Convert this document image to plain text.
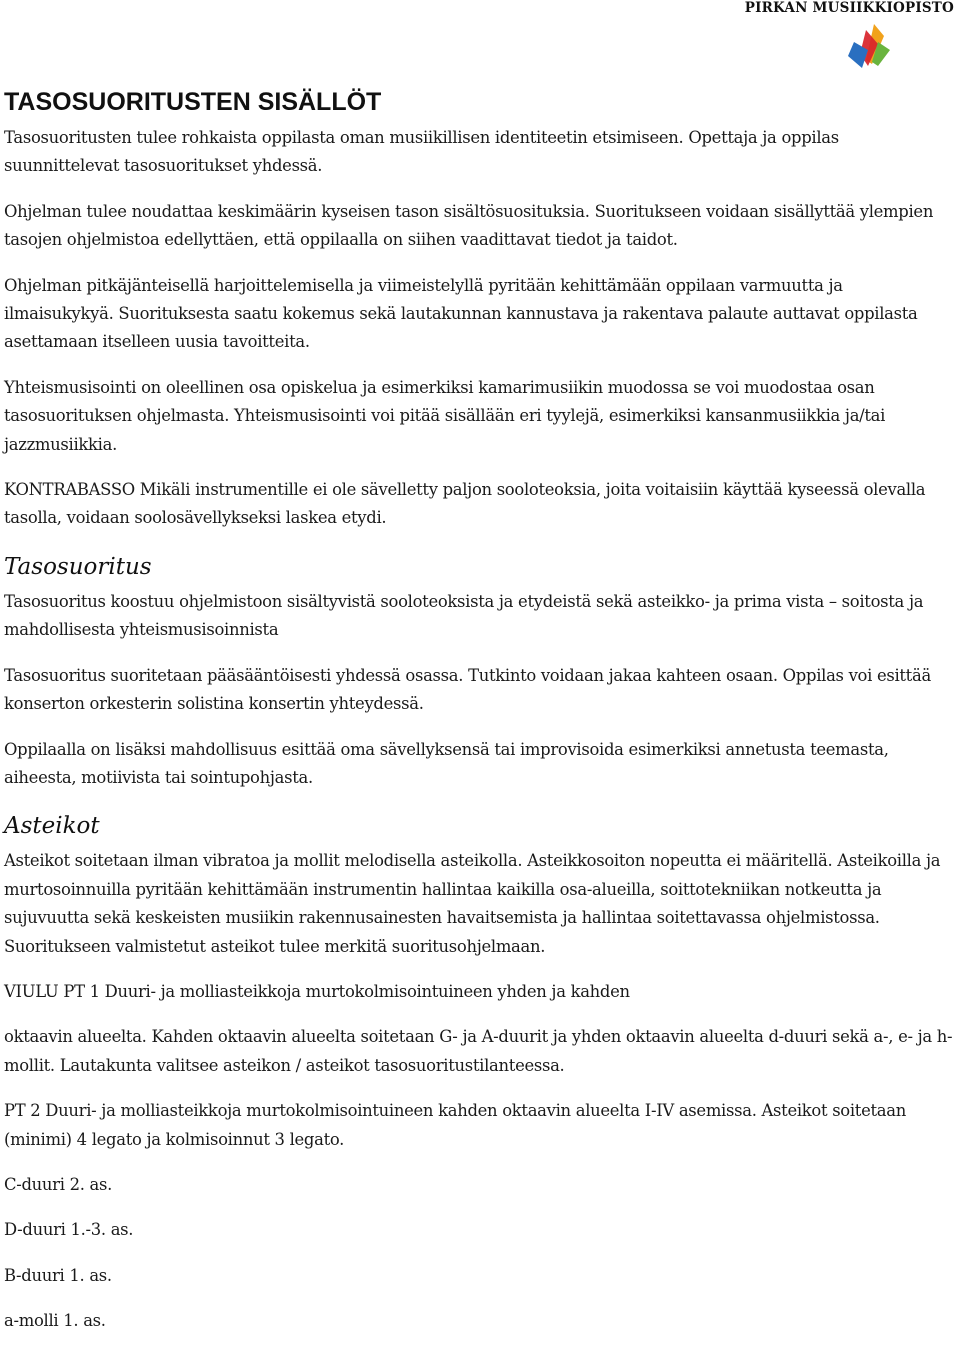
PIRKAN MUSIIKKIOPISTO
TASOSUORITUSTEN SISÄLLÖT

Tasosuoritusten tulee rohkaista oppilasta oman musiikillisen identiteetin etsimiseen. Opettaja ja oppilas suunnittelevat tasosuoritukset yhdessä.

Ohjelman tulee noudattaa keskimäärin kyseisen tason sisältösuosituksia. Suoritukseen voidaan sisällyttää ylempien tasojen ohjelmistoa edellyttäen, että oppilaalla on siihen vaadittavat tiedot ja taidot.

Ohjelman pitkäjänteisellä harjoittelemisella ja viimeistelyllä pyritään kehittämään oppilaan varmuutta ja ilmaisukykyä. Suorituksesta saatu kokemus sekä lautakunnan kannustava ja rakentava palaute auttavat oppilasta asettamaan itselleen uusia tavoitteita.

Yhteismusisointi on oleellinen osa opiskelua ja esimerkiksi kamarimusiikin muodossa se voi muodostaa osan tasosuorituksen ohjelmasta. Yhteismusisointi voi pitää sisällään eri tyylejä, esimerkiksi kansanmusiikkia ja/tai jazzmusiikkia.

KONTRABASSO Mikäli instrumentille ei ole sävelletty paljon sooloteoksia, joita voitaisiin käyttää kyseessä olevalla tasolla, voidaan soolosävellykseksi laskea etydi.

Tasosuoritus

Tasosuoritus koostuu ohjelmistoon sisältyvistä sooloteoksista ja etydeistä sekä asteikko- ja prima vista – soitosta ja mahdollisesta yhteismusisoinnista

Tasosuoritus suoritetaan pääsääntöisesti yhdessä osassa. Tutkinto voidaan jakaa kahteen osaan. Oppilas voi esittää konserton orkesterin solistina konsertin yhteydessä.

Oppilaalla on lisäksi mahdollisuus esittää oma sävellyksensä tai improvisoida esimerkiksi annetusta teemasta, aiheesta, motiivista tai sointupohjasta.

Asteikot

Asteikot soitetaan ilman vibratoa ja mollit melodisella asteikolla. Asteikkosoiton nopeutta ei määritellä. Asteikoilla ja murtosoinnuilla pyritään kehittämään instrumentin hallintaa kaikilla osa-alueilla, soittotekniikan notkeutta ja sujuvuutta sekä keskeisten musiikin rakennusainesten havaitsemista ja hallintaa soitettavassa ohjelmistossa. Suoritukseen valmistetut asteikot tulee merkitä suoritusohjelmaan.

VIULU PT 1 Duuri- ja molliasteikkoja murtokolmisointuineen yhden ja kahden

oktaavin alueelta. Kahden oktaavin alueelta soitetaan G- ja A-duurit ja yhden oktaavin alueelta d-duuri sekä a-, e- ja h-mollit. Lautakunta valitsee asteikon / asteikot tasosuoritustilanteessa.

PT 2 Duuri- ja molliasteikkoja murtokolmisointuineen kahden oktaavin alueelta I-IV asemissa. Asteikot soitetaan (minimi) 4 legato ja kolmisoinnut 3 legato.

C-duuri 2. as.

D-duuri 1.-3. as.

B-duuri 1. as.

a-molli 1. as.
